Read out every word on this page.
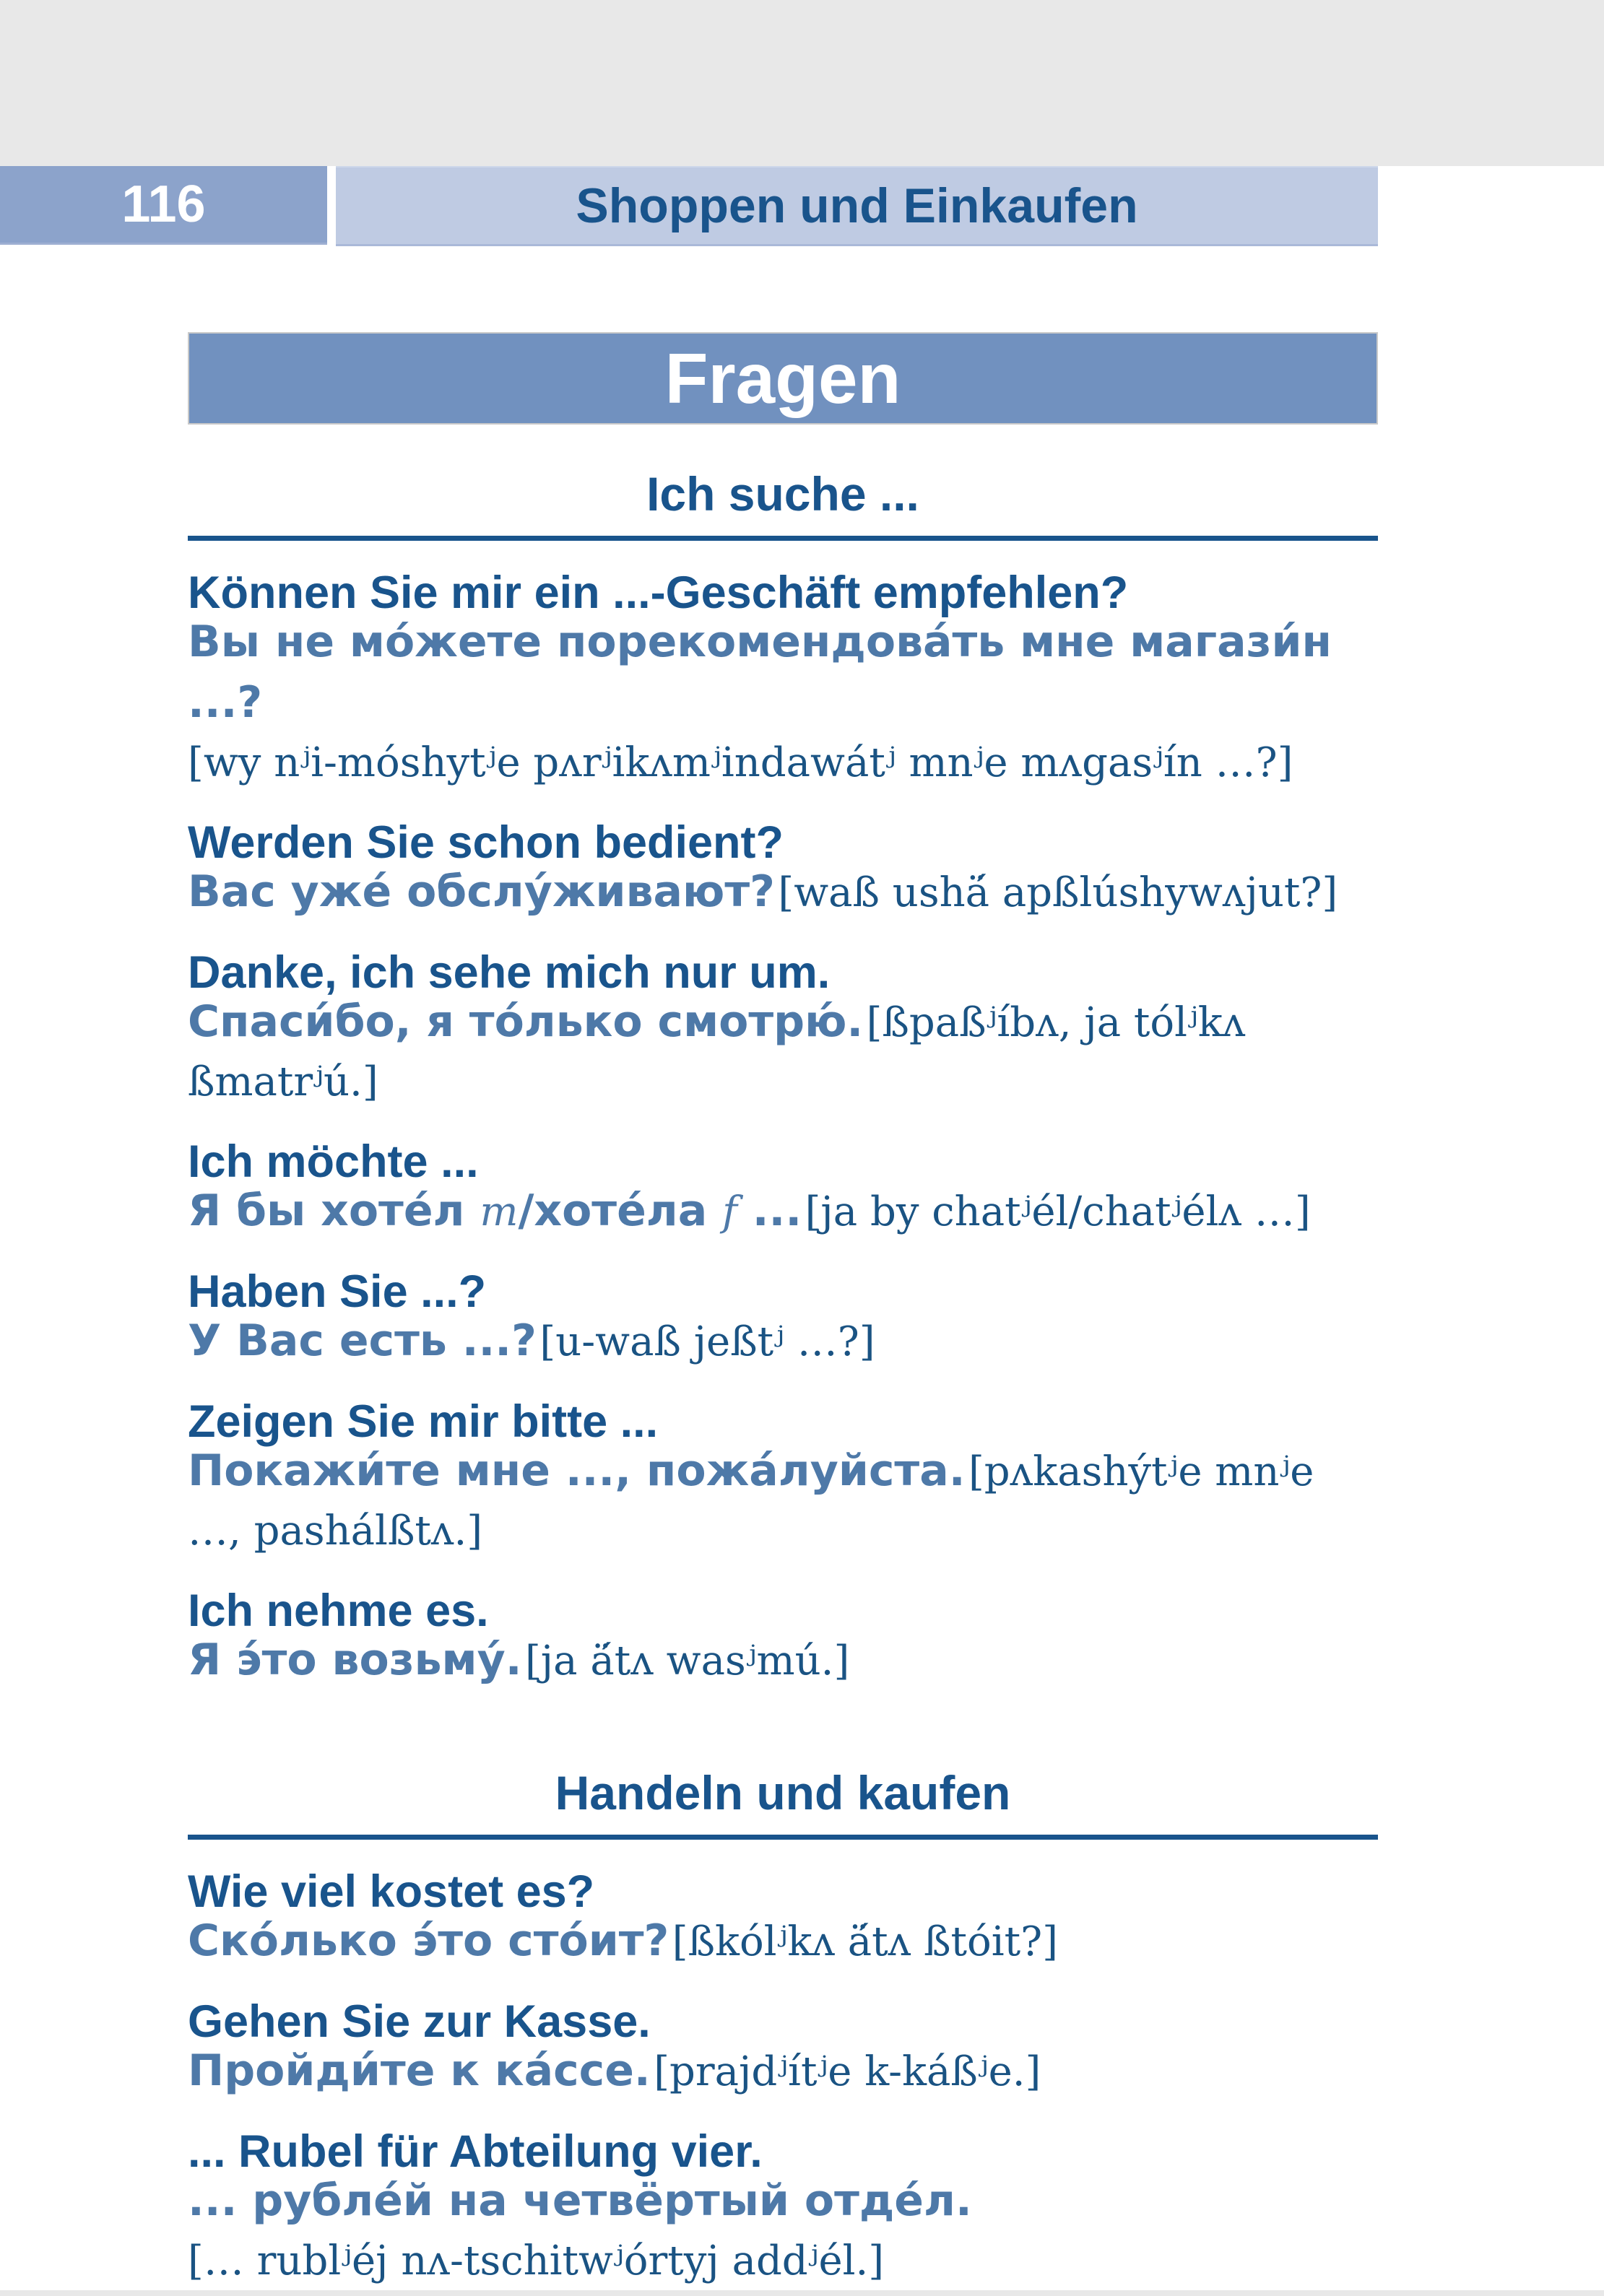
116	Shoppen und Einkaufen
Fragen
Ich suche ...

Können Sie mir ein ...-Geschäft empfehlen?

Вы не мо́жете порекомендова́ть мне магази́н ...?

[wy nʲi-móshytʲe pʌrʲikʌmʲindawátʲ mnʲe mʌgasʲín …?]

Werden Sie schon bedient?

Вас уже́ обслу́живают? [waß ushä́ apßlúshywʌjut?]

Danke, ich sehe mich nur um.

Спаси́бо, я то́лько смотрю́. [ßpaßʲíbʌ, ja tólʲkʌ ßmatrʲú.]

Ich möchte ...

Я бы хоте́л m/хоте́ла f ... [ja by chatʲél/chatʲélʌ …]

Haben Sie ...?

У Вас есть ...? [u-waß jeßtʲ …?]

Zeigen Sie mir bitte ...

Покажи́те мне ..., пожа́луйста. [pʌkashýtʲe mnʲe …, pashálßtʌ.]

Ich nehme es.

Я э́то возьму́. [ja ä́tʌ wasʲmú.]

Handeln und kaufen

Wie viel kostet es?

Ско́лько э́то сто́ит? [ßkólʲkʌ ä́tʌ ßtóit?]

Gehen Sie zur Kasse.

Пройди́те к ка́ссе. [prajdʲítʲe k-káßʲe.]

... Rubel für Abteilung vier.

... рубле́й на четвёртый отде́л.

[… rublʲéj nʌ-tschitwʲórtyj addʲél.]
